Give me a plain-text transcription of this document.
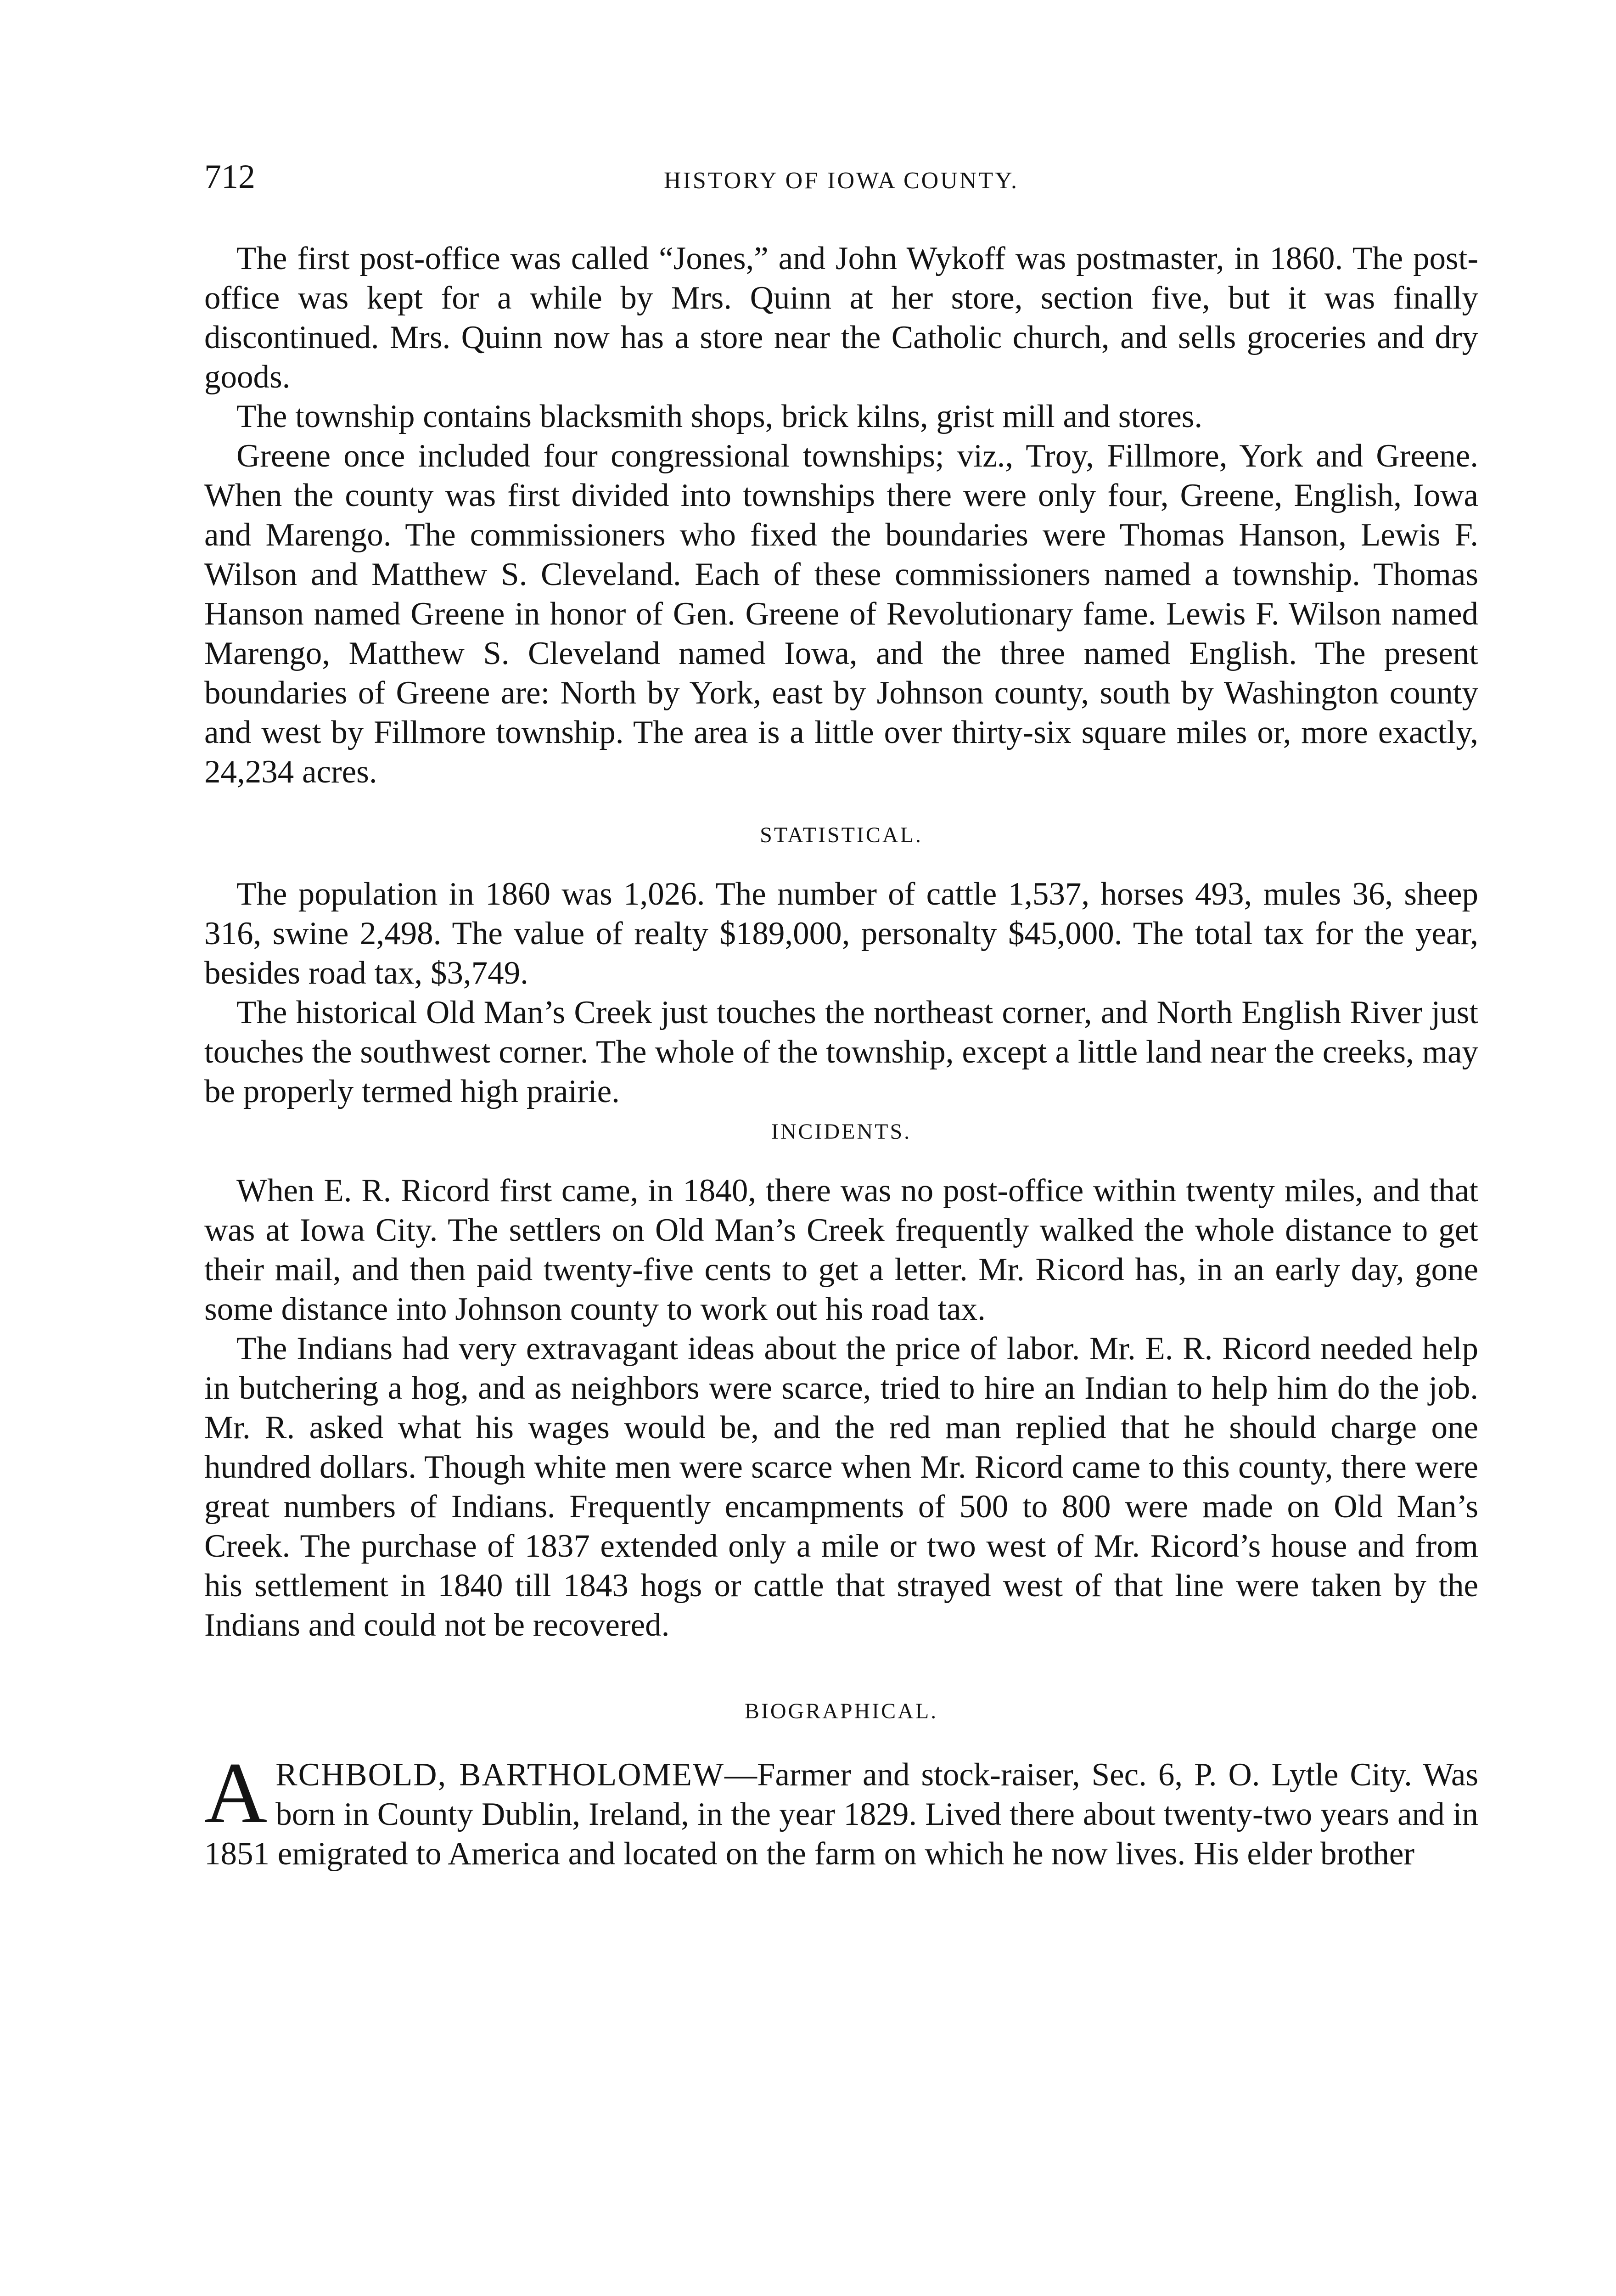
712	HISTORY OF IOWA COUNTY.

The first post-office was called “Jones,” and John Wykoff was postmaster, in 1860. The post-office was kept for a while by Mrs. Quinn at her store, section five, but it was finally discontinued. Mrs. Quinn now has a store near the Catholic church, and sells groceries and dry goods.

The township contains blacksmith shops, brick kilns, grist mill and stores.

Greene once included four congressional townships; viz., Troy, Fillmore, York and Greene. When the county was first divided into townships there were only four, Greene, English, Iowa and Marengo. The commissioners who fixed the boundaries were Thomas Hanson, Lewis F. Wilson and Matthew S. Cleveland. Each of these commissioners named a township. Thomas Hanson named Greene in honor of Gen. Greene of Revolutionary fame. Lewis F. Wilson named Marengo, Matthew S. Cleveland named Iowa, and the three named English. The present boundaries of Greene are: North by York, east by Johnson county, south by Washington county and west by Fillmore township. The area is a little over thirty-six square miles or, more exactly, 24,234 acres.

STATISTICAL.

The population in 1860 was 1,026. The number of cattle 1,537, horses 493, mules 36, sheep 316, swine 2,498. The value of realty $189,000, personalty $45,000. The total tax for the year, besides road tax, $3,749.

The historical Old Man’s Creek just touches the northeast corner, and North English River just touches the southwest corner. The whole of the township, except a little land near the creeks, may be properly termed high prairie.

INCIDENTS.

When E. R. Ricord first came, in 1840, there was no post-office within twenty miles, and that was at Iowa City. The settlers on Old Man’s Creek frequently walked the whole distance to get their mail, and then paid twenty-five cents to get a letter. Mr. Ricord has, in an early day, gone some distance into Johnson county to work out his road tax.

The Indians had very extravagant ideas about the price of labor. Mr. E. R. Ricord needed help in butchering a hog, and as neighbors were scarce, tried to hire an Indian to help him do the job. Mr. R. asked what his wages would be, and the red man replied that he should charge one hundred dollars. Though white men were scarce when Mr. Ricord came to this county, there were great numbers of Indians. Frequently encampments of 500 to 800 were made on Old Man’s Creek. The purchase of 1837 extended only a mile or two west of Mr. Ricord’s house and from his settlement in 1840 till 1843 hogs or cattle that strayed west of that line were taken by the Indians and could not be recovered.

BIOGRAPHICAL.

ARCHBOLD, BARTHOLOMEW—Farmer and stock-raiser, Sec. 6, P. O. Lytle City. Was born in County Dublin, Ireland, in the year 1829. Lived there about twenty-two years and in 1851 emigrated to America and located on the farm on which he now lives. His elder brother
